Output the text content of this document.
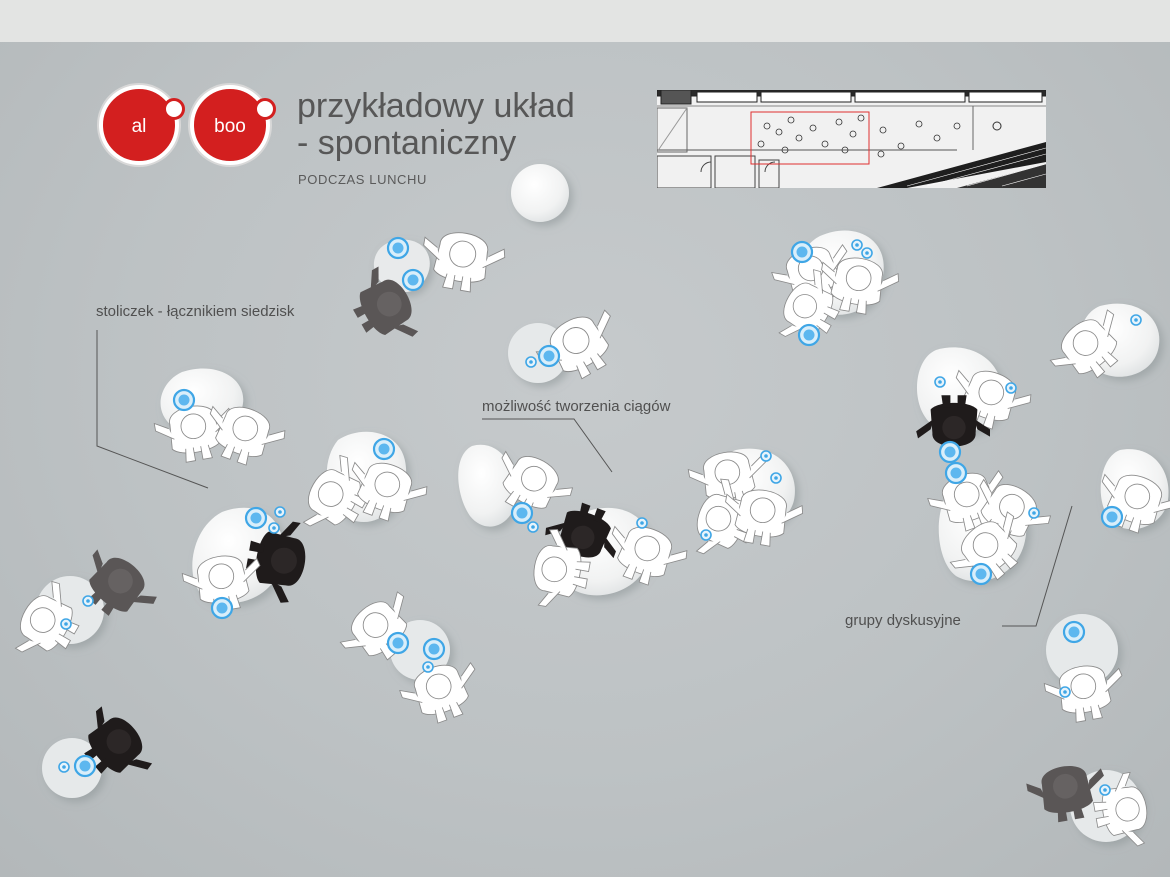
al	boo
przykładowy układ
- spontaniczny
PODCZAS LUNCHU
stoliczek - łącznikiem siedzisk
możliwość tworzenia ciągów
grupy dyskusyjne
